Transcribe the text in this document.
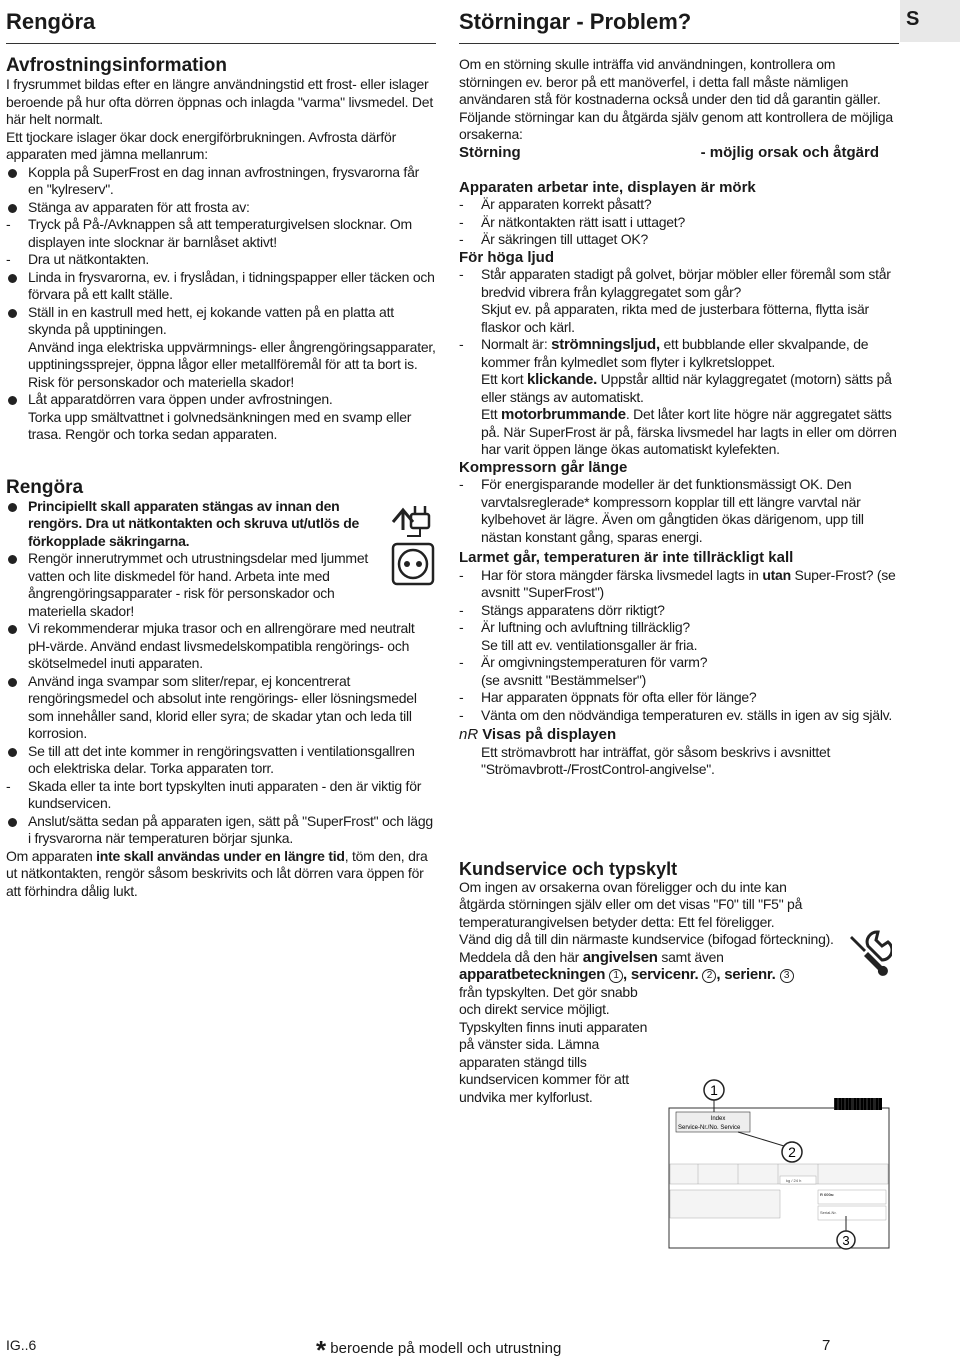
Rengöra
Avfrostningsinformation

I frysrummet bildas efter en längre användningstid ett frost- eller islager beroende på hur ofta dörren öppnas och inlagda "varma" livsmedel. Det här helt normalt.

Ett tjockare islager ökar dock energiförbrukningen. Avfrosta därför apparaten med jämna mellanrum:

Koppla på SuperFrost en dag innan avfrostningen, frysvarorna får en "kylreserv".
Stänga av apparaten för att frosta av:
- Tryck på På-/Avknappen så att temperaturgivelsen slocknar. Om displayen inte slocknar är barnlåset aktivt!
- Dra ut nätkontakten.
Linda in frysvarorna, ev. i fryslådan, i tidningspapper eller täcken och förvara på ett kallt ställe.
Ställ in en kastrull med hett, ej kokande vatten på en platta att skynda på upptiningen.

Använd inga elektriska uppvärmnings- eller ångrengöringsapparater, upptiningssprejer, öppna lågor eller metallföremål för att ta bort is. Risk för personskador och materiella skador!

Låt apparatdörren vara öppen under avfrostningen.

Torka upp smältvattnet i golvnedsänkningen med en svamp eller trasa. Rengör och torka sedan apparaten.

Rengöra
Principiellt skall apparaten stängas av innan den rengörs. Dra ut nätkontakten och skruva ut/utlös de förkopplade säkringarna.
Rengör innerutrymmet och utrustningsdelar med ljummet vatten och lite diskmedel för hand. Arbeta inte med ångrengöringsapparater - risk för personskador och materiella skador!
Vi rekommenderar mjuka trasor och en allrengörare med neutralt pH-värde. Använd endast livsmedelskompatibla rengörings- och skötselmedel inuti apparaten.
Använd inga svampar som sliter/repar, ej koncentrerat rengöringsmedel och absolut inte rengörings- eller lösningsmedel som innehåller sand, klorid eller syra; de skadar ytan och leda till korrosion.
Se till att det inte kommer in rengöringsvatten i ventilationsgallren och elektriska delar. Torka apparaten torr.
- Skada eller ta inte bort typskylten inuti apparaten - den är viktig för kundservicen.
Anslut/sätta sedan på apparaten igen, sätt på "SuperFrost" och lägg i frysvarorna när temperaturen börjar sjunka.

Om apparaten inte skall användas under en längre tid, töm den, dra ut nätkontakten, rengör såsom beskrivits och låt dörren vara öppen för att förhindra dålig lukt.

Störningar - Problem?

Om en störning skulle inträffa vid användningen, kontrollera om störningen ev. beror på ett manöverfel, i detta fall måste nämligen användaren stå för kostnaderna också under den tid då garantin gäller.

Följande störningar kan du åtgärda själv genom att kontrollera de möjliga orsakerna:

Störning	- möjlig orsak och åtgärd
Apparaten arbetar inte, displayen är mörk
- Är apparaten korrekt påsatt?
- Är nätkontakten rätt isatt i uttaget?
- Är säkringen till uttaget OK?
För höga ljud
- Står apparaten stadigt på golvet, börjar möbler eller föremål som står bredvid vibrera från kylaggregatet som går?

Skjut ev. på apparaten, rikta med de justerbara fötterna, flytta isär flaskor och kärl.

- Normalt är: strömningsljud, ett bubblande eller skvalpande, de kommer från kylmedlet som flyter i kylkretsloppet.

Ett kort klickande. Uppstår alltid när kylaggregatet (motorn) sätts på eller stängs av automatiskt.

Ett motorbrummande. Det låter kort lite högre när aggregatet sätts på. När SuperFrost är på, färska livsmedel har lagts in eller om dörren har varit öppen länge ökas automatiskt kylefekten.

Kompressorn går länge
- För energisparande modeller är det funktionsmässigt OK. Den varvtalsreglerade* kompressorn kopplar till ett längre varvtal när kylbehovet är lägre. Även om gångtiden ökas därigenom, upp till nästan konstant gång, sparas energi.
Larmet går, temperaturen är inte tillräckligt kall
- Har för stora mängder färska livsmedel lagts in utan Super-Frost? (se avsnitt "SuperFrost")
- Stängs apparatens dörr riktigt?
- Är luftning och avluftning tillräcklig?

Se till att ev. ventilationsgaller är fria.

- Är omgivningstemperaturen för varm?

(se avsnitt "Bestämmelser")

- Har apparaten öppnats för ofta eller för länge?
- Vänta om den nödvändiga temperaturen ev. ställs in igen av sig själv.
nR Visas på displayen

Ett strömavbrott har inträffat, gör såsom beskrivs i avsnittet "Strömavbrott-/FrostControl-angivelse".

Kundservice och typskylt

Om ingen av orsakerna ovan föreligger och du inte kan åtgärda störningen själv eller om det visas "F0" till "F5" på temperaturangivelsen betyder detta: Ett fel föreligger.

Vänd dig då till din närmaste kundservice (bifogad förteckning).

Meddela då den här angivelsen samt även

apparatbeteckningen 1 , servicenr. 2 , serienr. 3

från typskylten. Det gör snabb och direkt service möjligt. Typskylten finns inuti apparaten på vänster sida. Lämna apparaten stängd tills kundservicen kommer för att undvika mer kylforlust.

S
1
Index
Service-Nr./No. Service
2
kg / 24 h
R 600a:
Serial-Nr.
3
IG..6	* beroende på modell och utrustning	7
